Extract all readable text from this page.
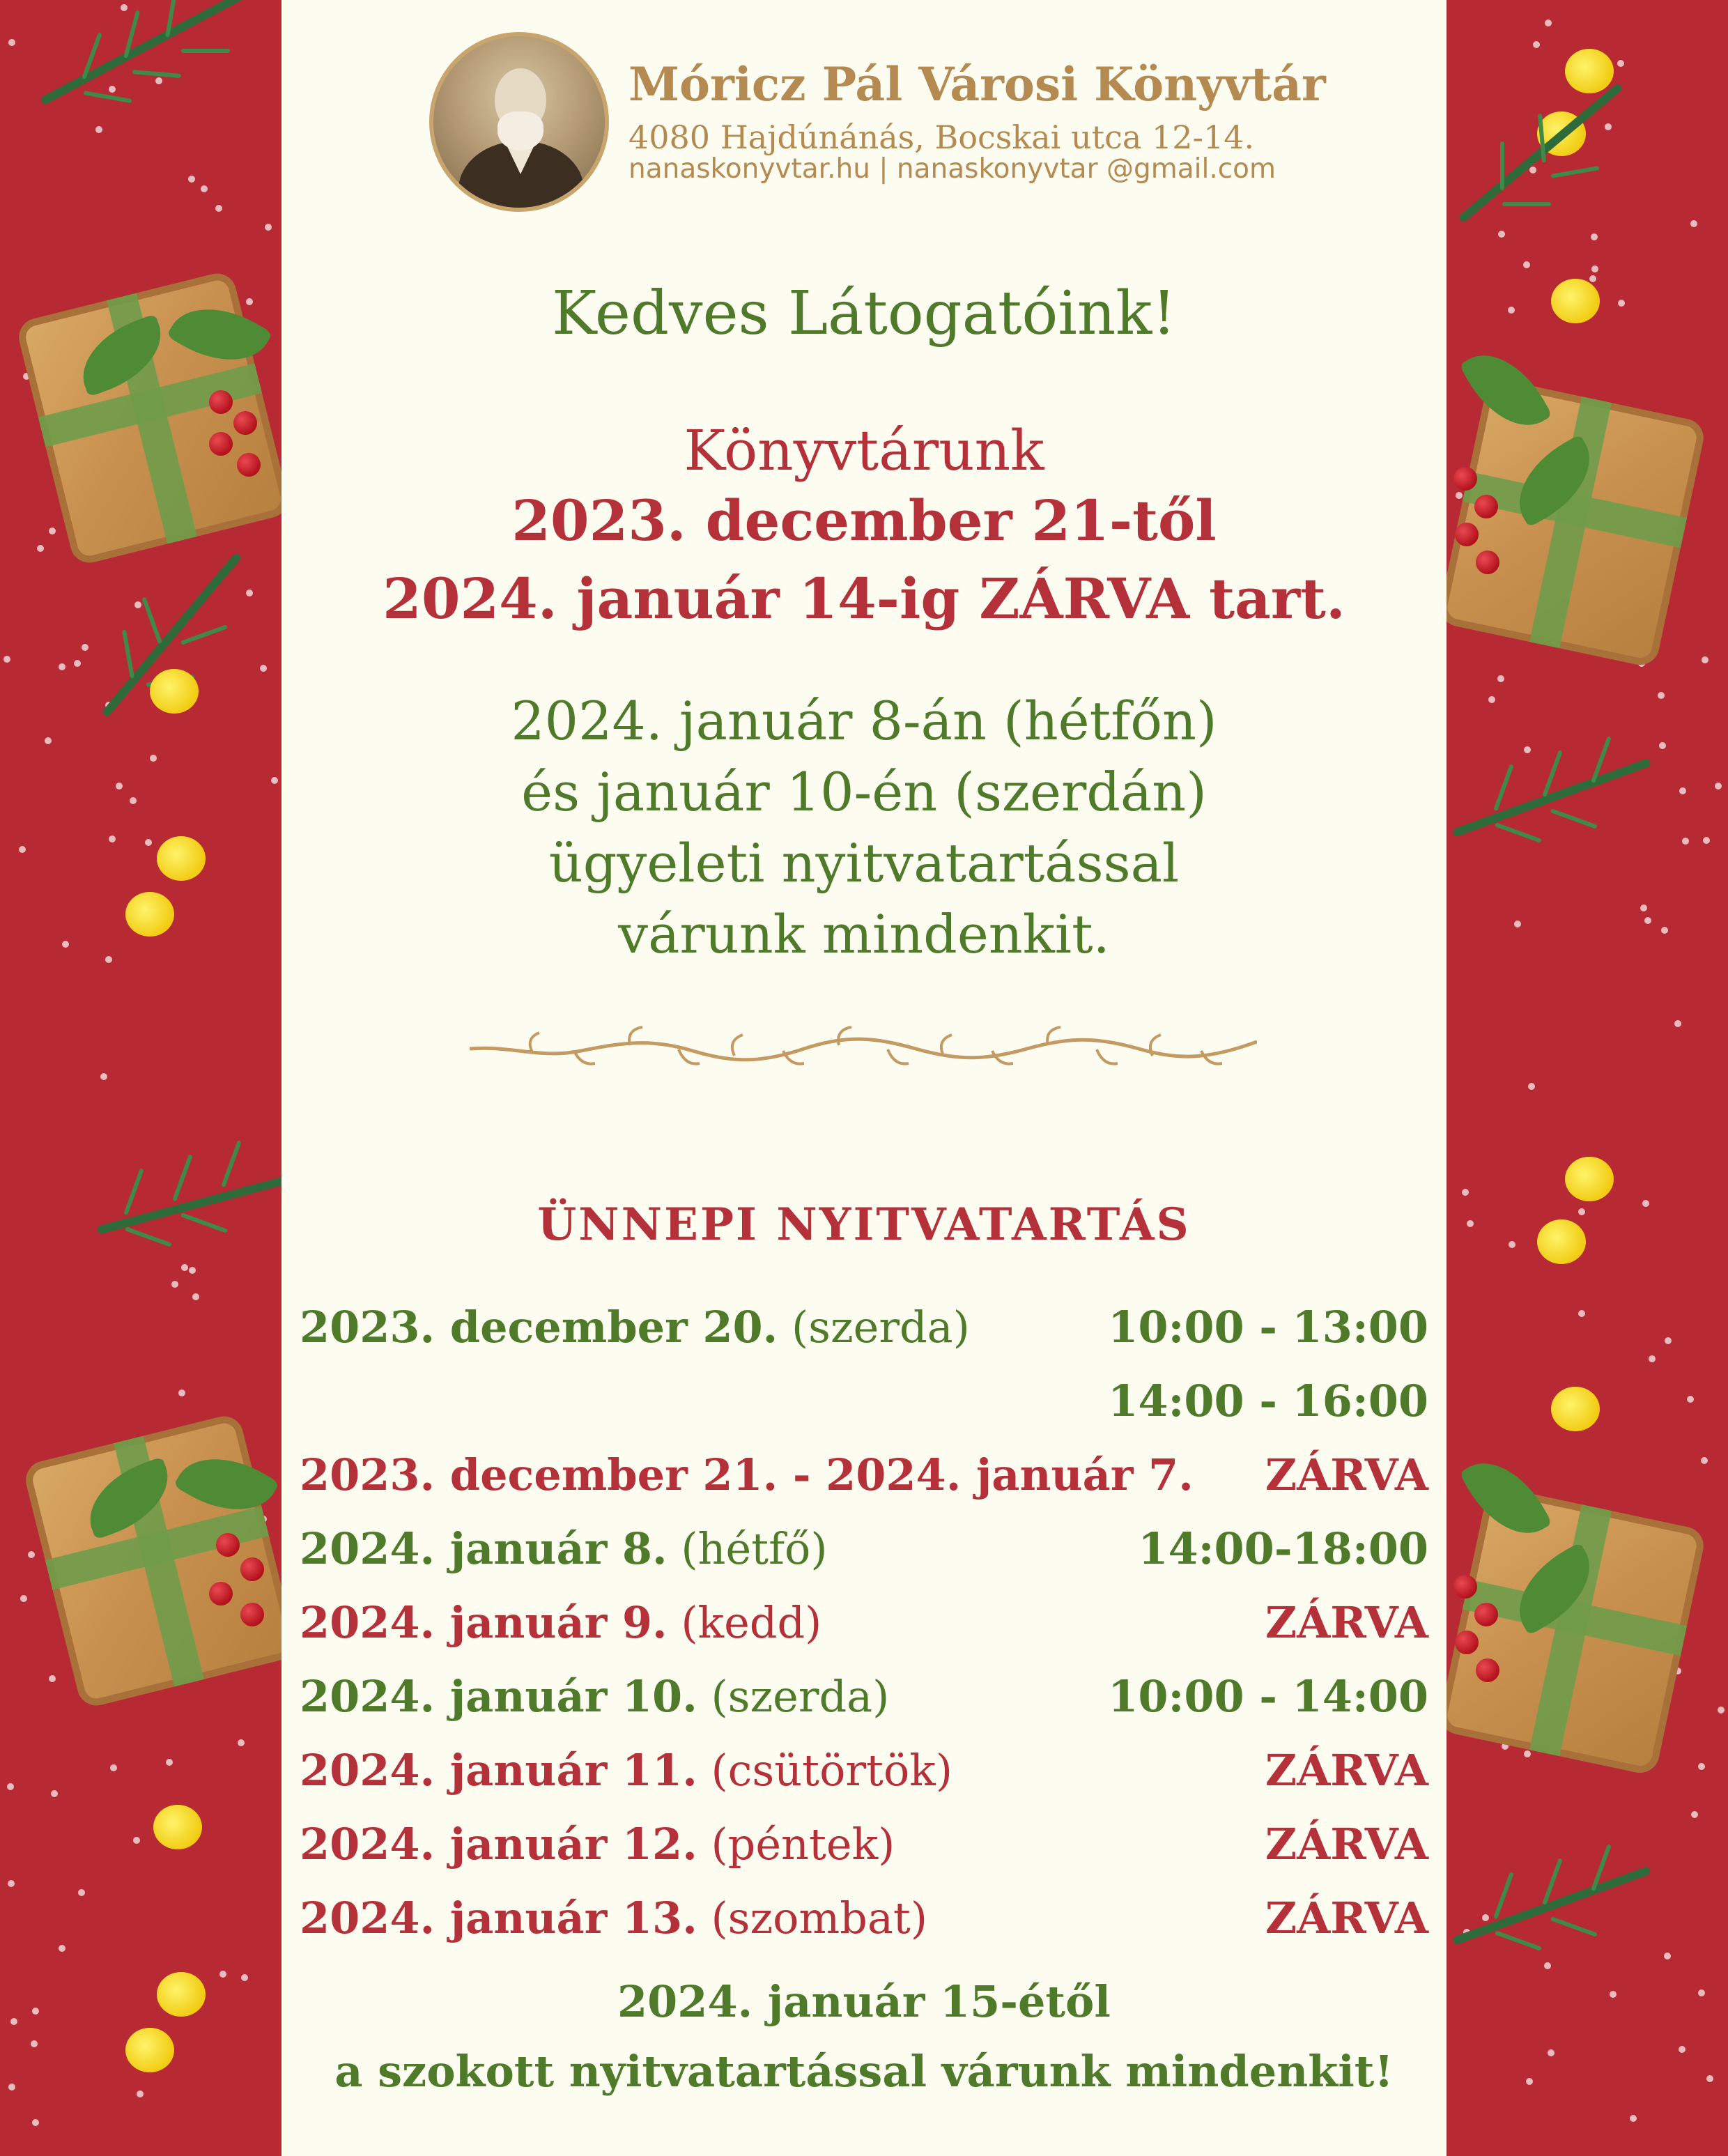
Móricz Pál Városi Könyvtár
4080 Hajdúnánás, Bocskai utca 12-14.
nanaskonyvtar.hu | nanaskonyvtar @gmail.com
Kedves Látogatóink!
Könyvtárunk
2023. december 21-től
2024. január 14-ig ZÁRVA tart.
2024. január 8-án (hétfőn)
és január 10-én (szerdán)
ügyeleti nyitvatartással
várunk mindenkit.
ÜNNEPI NYITVATARTÁS
2023. december 20. (szerda)	10:00 - 13:00
14:00 - 16:00
2023. december 21. - 2024. január 7. ZÁRVA
2024. január 8. (hétfő)	14:00-18:00
2024. január 9. (kedd)	ZÁRVA
2024. január 10. (szerda)	10:00 - 14:00
2024. január 11. (csütörtök)	ZÁRVA
2024. január 12. (péntek)	ZÁRVA
2024. január 13. (szombat)	ZÁRVA
2024. január 15-étől
a szokott nyitvatartással várunk mindenkit!
